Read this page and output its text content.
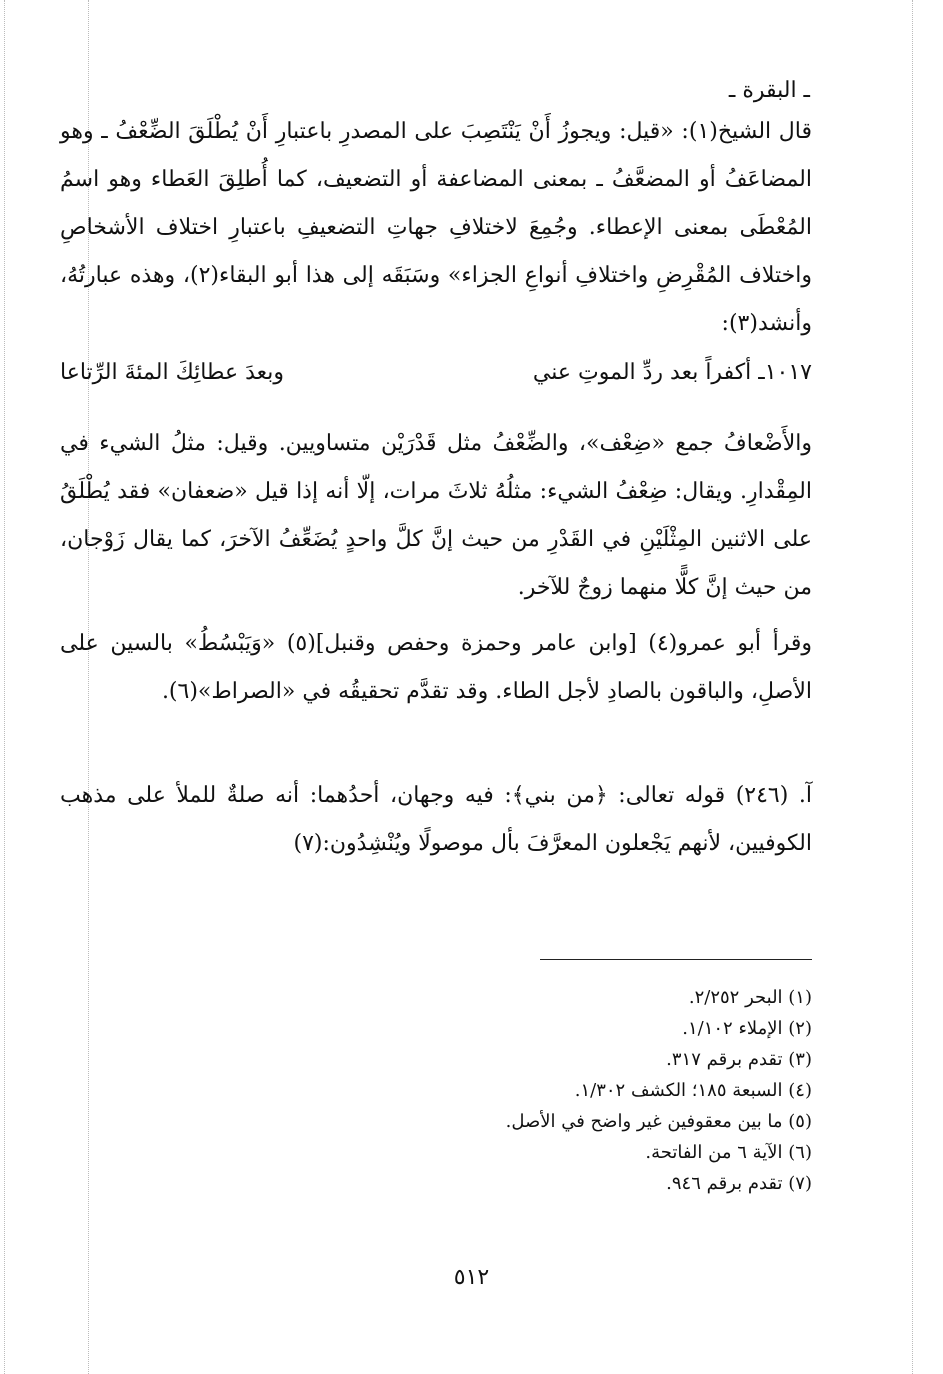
ـ البقرة ـ

قال الشيخ(١): «قيل: ويجوزُ أَنْ يَنْتَصِبَ على المصدرِ باعتبارِ أَنْ يُطْلَقَ الضِّعْفُ ـ وهو المضاعَفُ أو المضعَّفُ ـ بمعنى المضاعفة أو التضعيف، كما أُطلِقَ العَطاء وهو اسمُ المُعْطَى بمعنى الإعطاء. وجُمِعَ لاختلافِ جهاتِ التضعيفِ باعتبارِ اختلاف الأشخاصِ واختلاف المُقْرِضِ واختلافِ أنواعِ الجزاء» وسَبَقَه إلى هذا أبو البقاء(٢)، وهذه عبارتُهُ، وأنشد(٣):

١٠١٧ـ أكفراً بعد ردِّ الموتِ عني
وبعدَ عطائِكَ المئةَ الرِّتاعا

والأَضْعافُ جمع «ضِعْف»، والضِّعْفُ مثل قَدْرَيْن متساويين. وقيل: مثلُ الشيء في المِقْدارِ. ويقال: ضِعْفُ الشيء: مثلُهُ ثلاثَ مرات، إلّا أنه إذا قيل «ضعفان» فقد يُطْلَقُ على الاثنين المِثْلَيْنِ في القَدْرِ من حيث إنَّ كلَّ واحدٍ يُضَعِّفُ الآخرَ، كما يقال زَوْجان، من حيث إنَّ كلًّا منهما زوجٌ للآخر.

وقرأ أبو عمرو(٤) [وابن عامر وحمزة وحفص وقنبل](٥) «وَيَبْسُطُ» بالسين على الأصلِ، والباقون بالصادِ لأجل الطاء. وقد تقدَّم تحقيقُه في «الصراط»(٦).

آ. (٢٤٦) قوله تعالى: ﴿من بني﴾: فيه وجهان، أحدُهما: أنه صلةٌ للملأ على مذهب الكوفيين، لأنهم يَجْعلون المعرَّفَ بأل موصولًا ويُنْشِدُون:(٧)

(١) البحر ٢/٢٥٢.
(٢) الإملاء ١/١٠٢.
(٣) تقدم برقم ٣١٧.
(٤) السبعة ١٨٥؛ الكشف ١/٣٠٢.
(٥) ما بين معقوفين غير واضح في الأصل.
(٦) الآية ٦ من الفاتحة.
(٧) تقدم برقم ٩٤٦.
٥١٢
